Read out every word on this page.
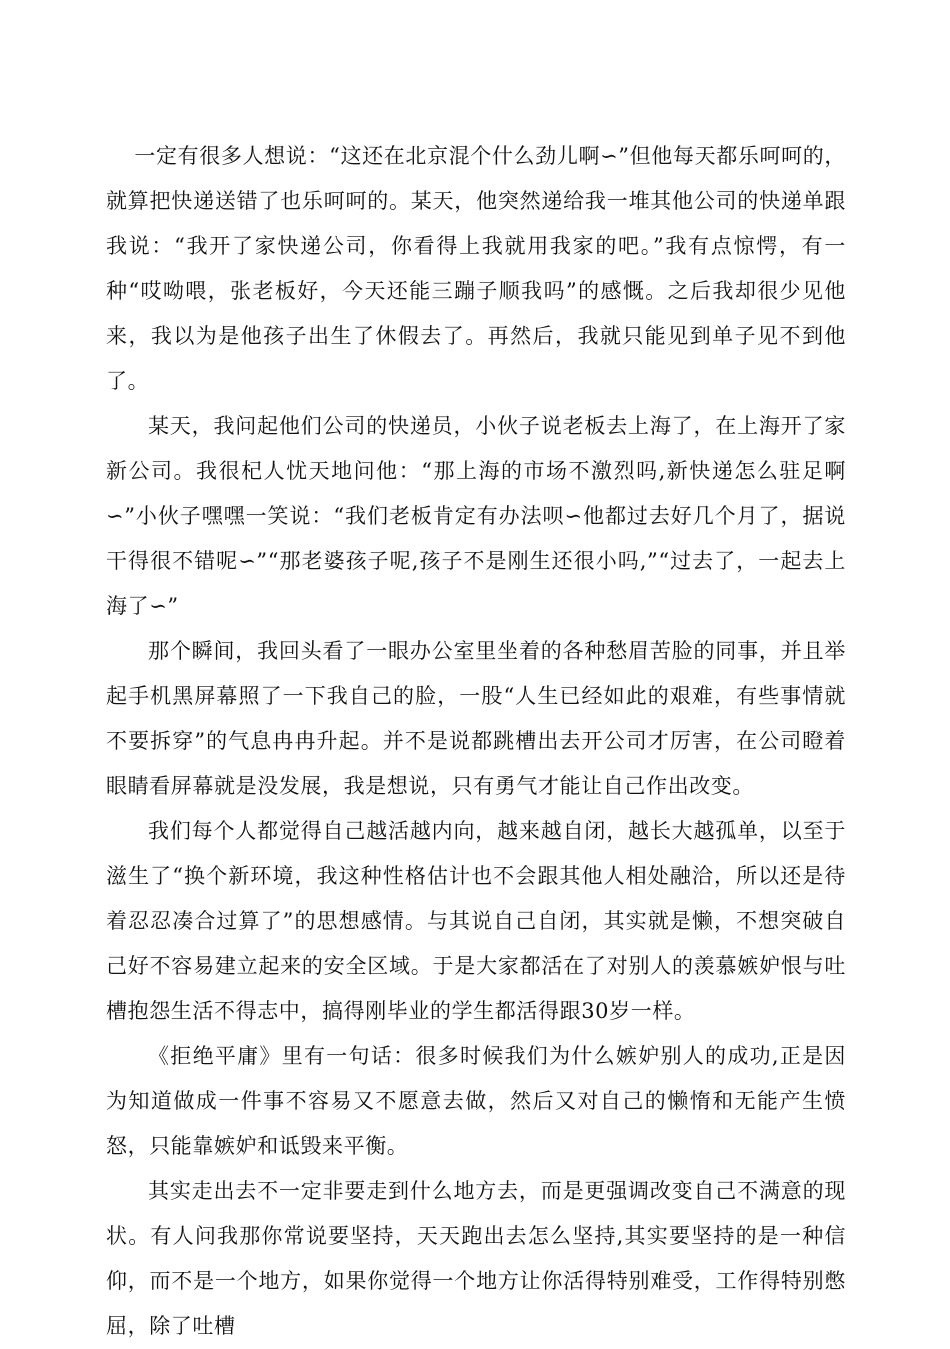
一定有很多人想说：“这还在北京混个什么劲儿啊∽”但他每天都乐呵呵的，就算把快递送错了也乐呵呵的。某天，他突然递给我一堆其他公司的快递单跟我说：“我开了家快递公司，你看得上我就用我家的吧。”我有点惊愕，有一种“哎呦喂，张老板好，今天还能三蹦子顺我吗”的感慨。之后我却很少见他来，我以为是他孩子出生了休假去了。再然后，我就只能见到单子见不到他了。

某天，我问起他们公司的快递员，小伙子说老板去上海了，在上海开了家新公司。我很杞人忧天地问他：“那上海的市场不激烈吗,新快递怎么驻足啊∽”小伙子嘿嘿一笑说：“我们老板肯定有办法呗∽他都过去好几个月了，据说干得很不错呢∽”“那老婆孩子呢,孩子不是刚生还很小吗,”“过去了，一起去上海了∽”

那个瞬间，我回头看了一眼办公室里坐着的各种愁眉苦脸的同事，并且举起手机黑屏幕照了一下我自己的脸，一股“人生已经如此的艰难，有些事情就不要拆穿”的气息冉冉升起。并不是说都跳槽出去开公司才厉害，在公司瞪着眼睛看屏幕就是没发展，我是想说，只有勇气才能让自己作出改变。

我们每个人都觉得自己越活越内向，越来越自闭，越长大越孤单，以至于滋生了“换个新环境，我这种性格估计也不会跟其他人相处融洽，所以还是待着忍忍凑合过算了”的思想感情。与其说自己自闭，其实就是懒，不想突破自己好不容易建立起来的安全区域。于是大家都活在了对别人的羡慕嫉妒恨与吐槽抱怨生活不得志中，搞得刚毕业的学生都活得跟30岁一样。

《拒绝平庸》里有一句话：很多时候我们为什么嫉妒别人的成功,正是因为知道做成一件事不容易又不愿意去做，然后又对自己的懒惰和无能产生愤怒，只能靠嫉妒和诋毁来平衡。

其实走出去不一定非要走到什么地方去，而是更强调改变自己不满意的现状。有人问我那你常说要坚持，天天跑出去怎么坚持,其实要坚持的是一种信仰，而不是一个地方，如果你觉得一个地方让你活得特别难受，工作得特别憋屈，除了吐槽
